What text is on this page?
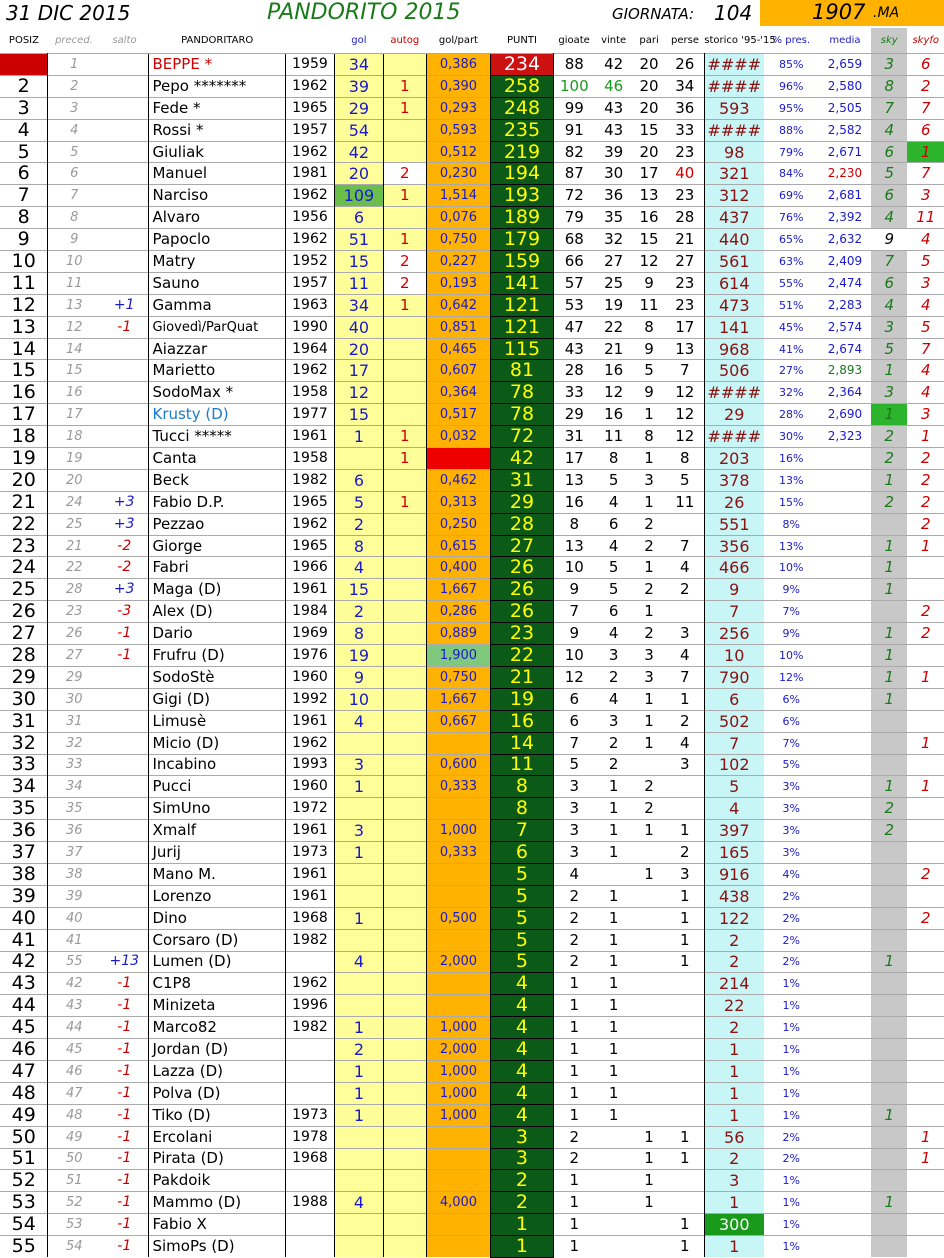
31 DIC 2015	PANDORITO 2015	GIORNATA: 104	1907 .MA
POSIZ	preced.	salto	PANDORITARO		gol	autog	gol/part	PUNTI	gioate	vinte	pari	perse	storico '95-'15	% pres.	media	sky	skyfo
1	1		BEPPE *	1959	34		0,386	234	88	42	20	26	####	85%	2,659	3	6
2	2		Pepo *******	1962	39	1	0,390	258	100	46	20	34	####	96%	2,580	8	2
3	3		Fede *	1965	29	1	0,293	248	99	43	20	36	593	95%	2,505	7	7
4	4		Rossi *	1957	54		0,593	235	91	43	15	33	####	88%	2,582	4	6
5	5		Giuliak	1962	42		0,512	219	82	39	20	23	98	79%	2,671	6	1
6	6		Manuel	1981	20	2	0,230	194	87	30	17	40	321	84%	2,230	5	7
7	7		Narciso	1962	109	1	1,514	193	72	36	13	23	312	69%	2,681	6	3
8	8		Alvaro	1956	6		0,076	189	79	35	16	28	437	76%	2,392	4	11
9	9		Papoclo	1962	51	1	0,750	179	68	32	15	21	440	65%	2,632	9	4
10	10		Matry	1952	15	2	0,227	159	66	27	12	27	561	63%	2,409	7	5
11	11		Sauno	1957	11	2	0,193	141	57	25	9	23	614	55%	2,474	6	3
12	13	+1	Gamma	1963	34	1	0,642	121	53	19	11	23	473	51%	2,283	4	4
13	12	-1	Giovedì/ParQuat	1990	40		0,851	121	47	22	8	17	141	45%	2,574	3	5
14	14		Aiazzar	1964	20		0,465	115	43	21	9	13	968	41%	2,674	5	7
15	15		Marietto	1962	17		0,607	81	28	16	5	7	506	27%	2,893	1	4
16	16		SodoMax *	1958	12		0,364	78	33	12	9	12	####	32%	2,364	3	4
17	17		Krusty (D)	1977	15		0,517	78	29	16	1	12	29	28%	2,690	1	3
18	18		Tucci *****	1961	1	1	0,032	72	31	11	8	12	####	30%	2,323	2	1
19	19		Canta	1958		1		42	17	8	1	8	203	16%		2	2
20	20		Beck	1982	6		0,462	31	13	5	3	5	378	13%		1	2
21	24	+3	Fabio D.P.	1965	5	1	0,313	29	16	4	1	11	26	15%		2	2
22	25	+3	Pezzao	1962	2		0,250	28	8	6	2		551	8%			2
23	21	-2	Giorge	1965	8		0,615	27	13	4	2	7	356	13%		1	1
24	22	-2	Fabri	1966	4		0,400	26	10	5	1	4	466	10%		1	
25	28	+3	Maga (D)	1961	15		1,667	26	9	5	2	2	9	9%		1	
26	23	-3	Alex (D)	1984	2		0,286	26	7	6	1		7	7%			2
27	26	-1	Dario	1969	8		0,889	23	9	4	2	3	256	9%		1	2
28	27	-1	Frufru (D)	1976	19		1,900	22	10	3	3	4	10	10%		1	
29	29		SodoStè	1960	9		0,750	21	12	2	3	7	790	12%		1	1
30	30		Gigi (D)	1992	10		1,667	19	6	4	1	1	6	6%		1	
31	31		Limusè	1961	4		0,667	16	6	3	1	2	502	6%			
32	32		Micio (D)	1962				14	7	2	1	4	7	7%			1
33	33		Incabino	1993	3		0,600	11	5	2		3	102	5%			
34	34		Pucci	1960	1		0,333	8	3	1	2		5	3%		1	1
35	35		SimUno	1972				8	3	1	2		4	3%		2	
36	36		Xmalf	1961	3		1,000	7	3	1	1	1	397	3%		2	
37	37		Jurij	1973	1		0,333	6	3	1		2	165	3%			
38	38		Mano M.	1961				5	4		1	3	916	4%			2
39	39		Lorenzo	1961				5	2	1		1	438	2%			
40	40		Dino	1968	1		0,500	5	2	1		1	122	2%			2
41	41		Corsaro (D)	1982				5	2	1		1	2	2%			
42	55	+13	Lumen (D)		4		2,000	5	2	1		1	2	2%		1	
43	42	-1	C1P8	1962				4	1	1			214	1%			
44	43	-1	Minizeta	1996				4	1	1			22	1%			
45	44	-1	Marco82	1982	1		1,000	4	1	1			2	1%			
46	45	-1	Jordan (D)		2		2,000	4	1	1			1	1%			
47	46	-1	Lazza (D)		1		1,000	4	1	1			1	1%			
48	47	-1	Polva (D)		1		1,000	4	1	1			1	1%			
49	48	-1	Tiko (D)	1973	1		1,000	4	1	1			1	1%		1	
50	49	-1	Ercolani	1978				3	2		1	1	56	2%			1
51	50	-1	Pirata (D)	1968				3	2		1	1	2	2%			1
52	51	-1	Pakdoik					2	1		1		3	1%			
53	52	-1	Mammo (D)	1988	4		4,000	2	1		1		1	1%		1	
54	53	-1	Fabio X					1	1			1	300	1%			
55	54	-1	SimoPs (D)					1	1			1	1	1%			
